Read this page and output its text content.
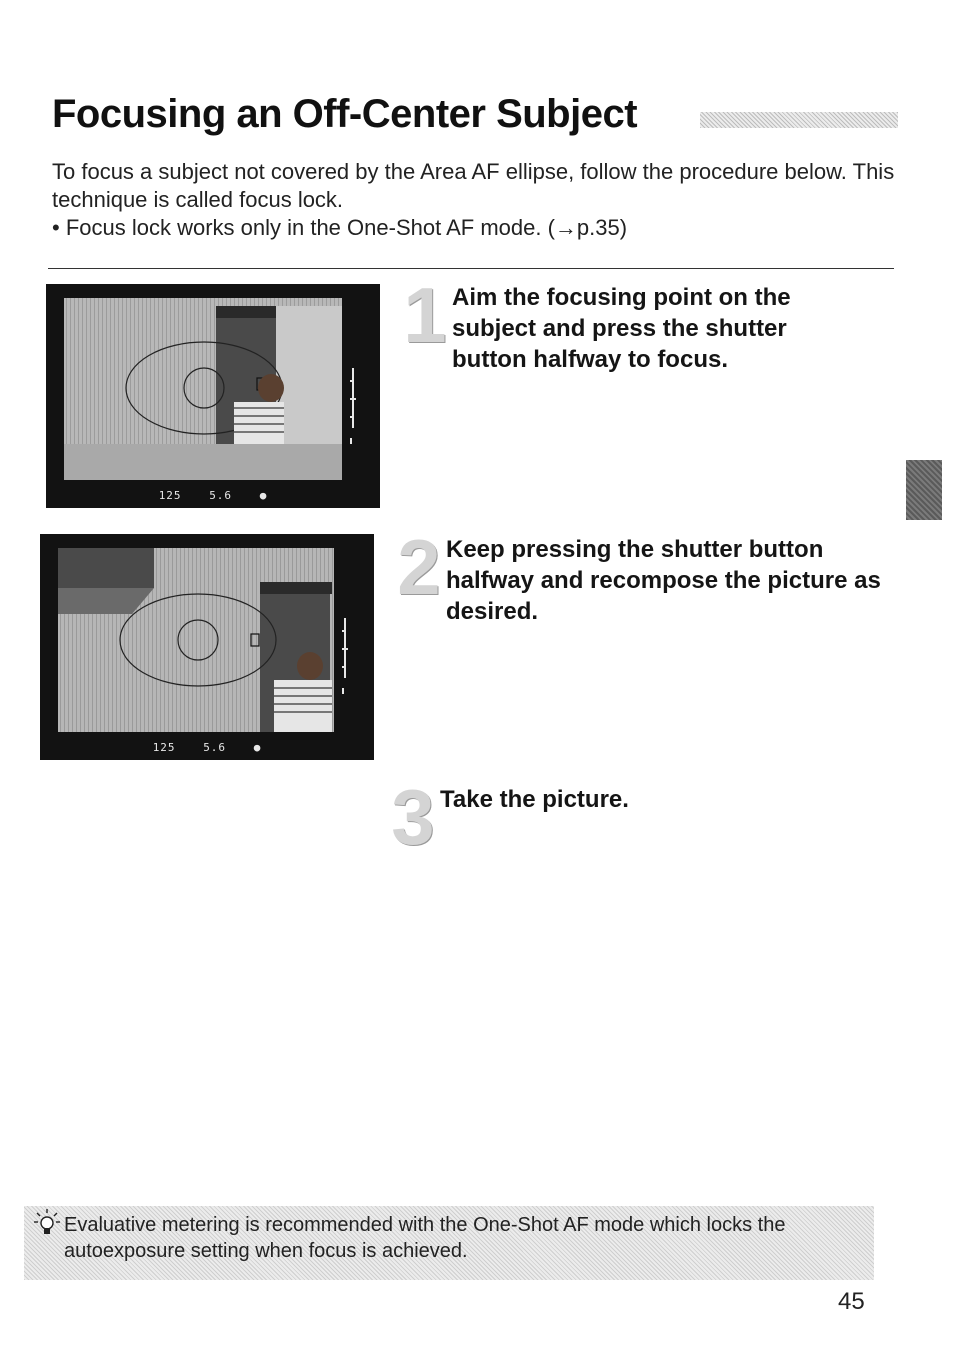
Focusing an Off-Center Subject

To focus a subject not covered by the Area AF ellipse, follow the procedure below. This technique is called focus lock.

• Focus lock works only in the One-Shot AF mode. (→p.35)

125	5.6	●
125	5.6	●
1 Aim the focusing point on the subject and press the shutter button halfway to focus.

2 Keep pressing the shutter button halfway and recompose the picture as desired.

3 Take the picture.

Evaluative metering is recommended with the One-Shot AF mode which locks the autoexposure setting when focus is achieved.

45
